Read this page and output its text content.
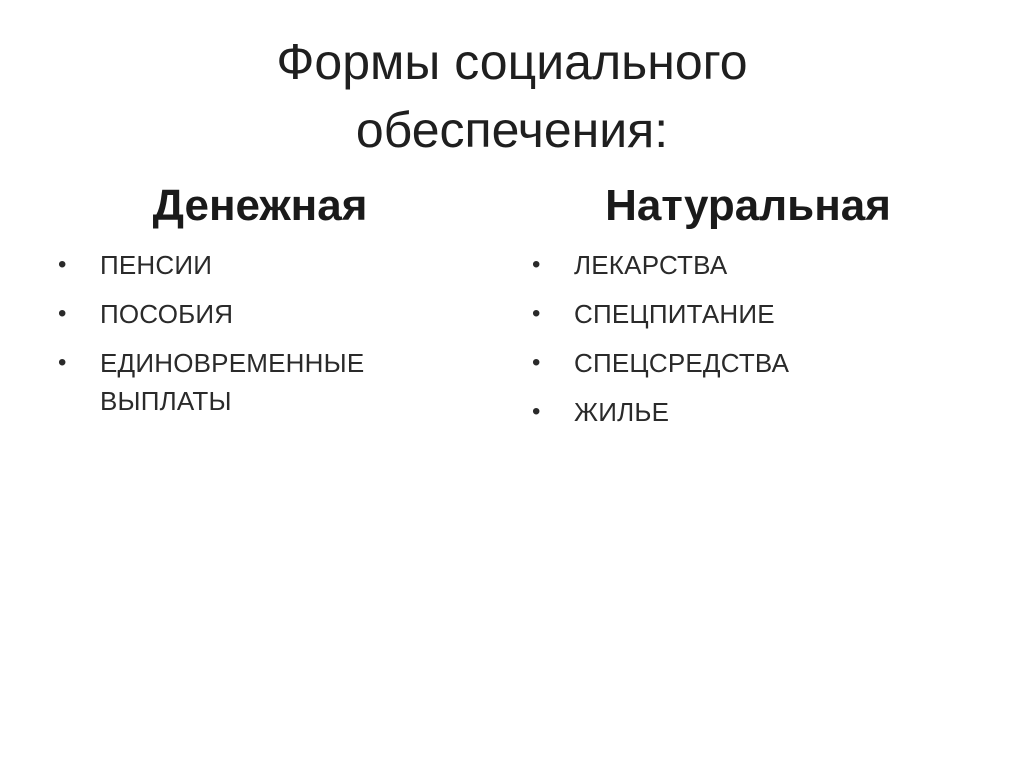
Формы социального
обеспечения:
Денежная	Натуральная
• ПЕНСИИ
• ПОСОБИЯ
• ЕДИНОВРЕМЕННЫЕ ВЫПЛАТЫ
• ЛЕКАРСТВА
• СПЕЦПИТАНИЕ
• СПЕЦСРЕДСТВА
• ЖИЛЬЕ
